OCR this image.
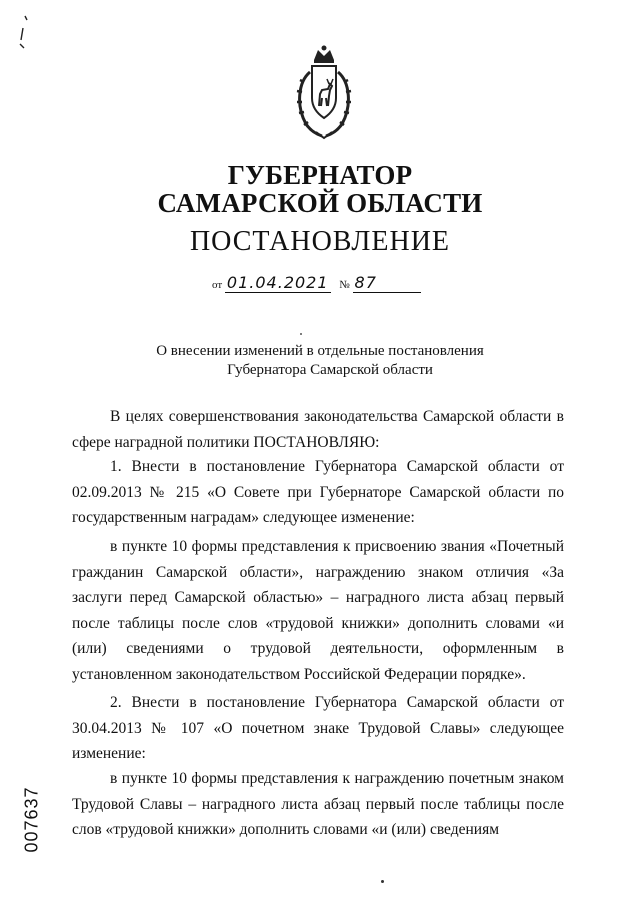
ГУБЕРНАТОР
САМАРСКОЙ ОБЛАСТИ
ПОСТАНОВЛЕНИЕ
от 01.04.2021 № 87
О внесении изменений в отдельные постановления
Губернатора Самарской области
В целях совершенствования законодательства Самарской области в сфере наградной политики ПОСТАНОВЛЯЮ:
1. Внести в постановление Губернатора Самарской области от 02.09.2013 № 215 «О Совете при Губернаторе Самарской области по государственным наградам» следующее изменение:
в пункте 10 формы представления к присвоению звания «Почетный гражданин Самарской области», награждению знаком отличия «За заслуги перед Самарской областью» – наградного листа абзац первый после таблицы после слов «трудовой книжки» дополнить словами «и (или) сведениями о трудовой деятельности, оформленным в установленном законодательством Российской Федерации порядке».
2. Внести в постановление Губернатора Самарской области от 30.04.2013 № 107 «О почетном знаке Трудовой Славы» следующее изменение:
в пункте 10 формы представления к награждению почетным знаком Трудовой Славы – наградного листа абзац первый после таблицы после слов «трудовой книжки» дополнить словами «и (или) сведениям
007637
